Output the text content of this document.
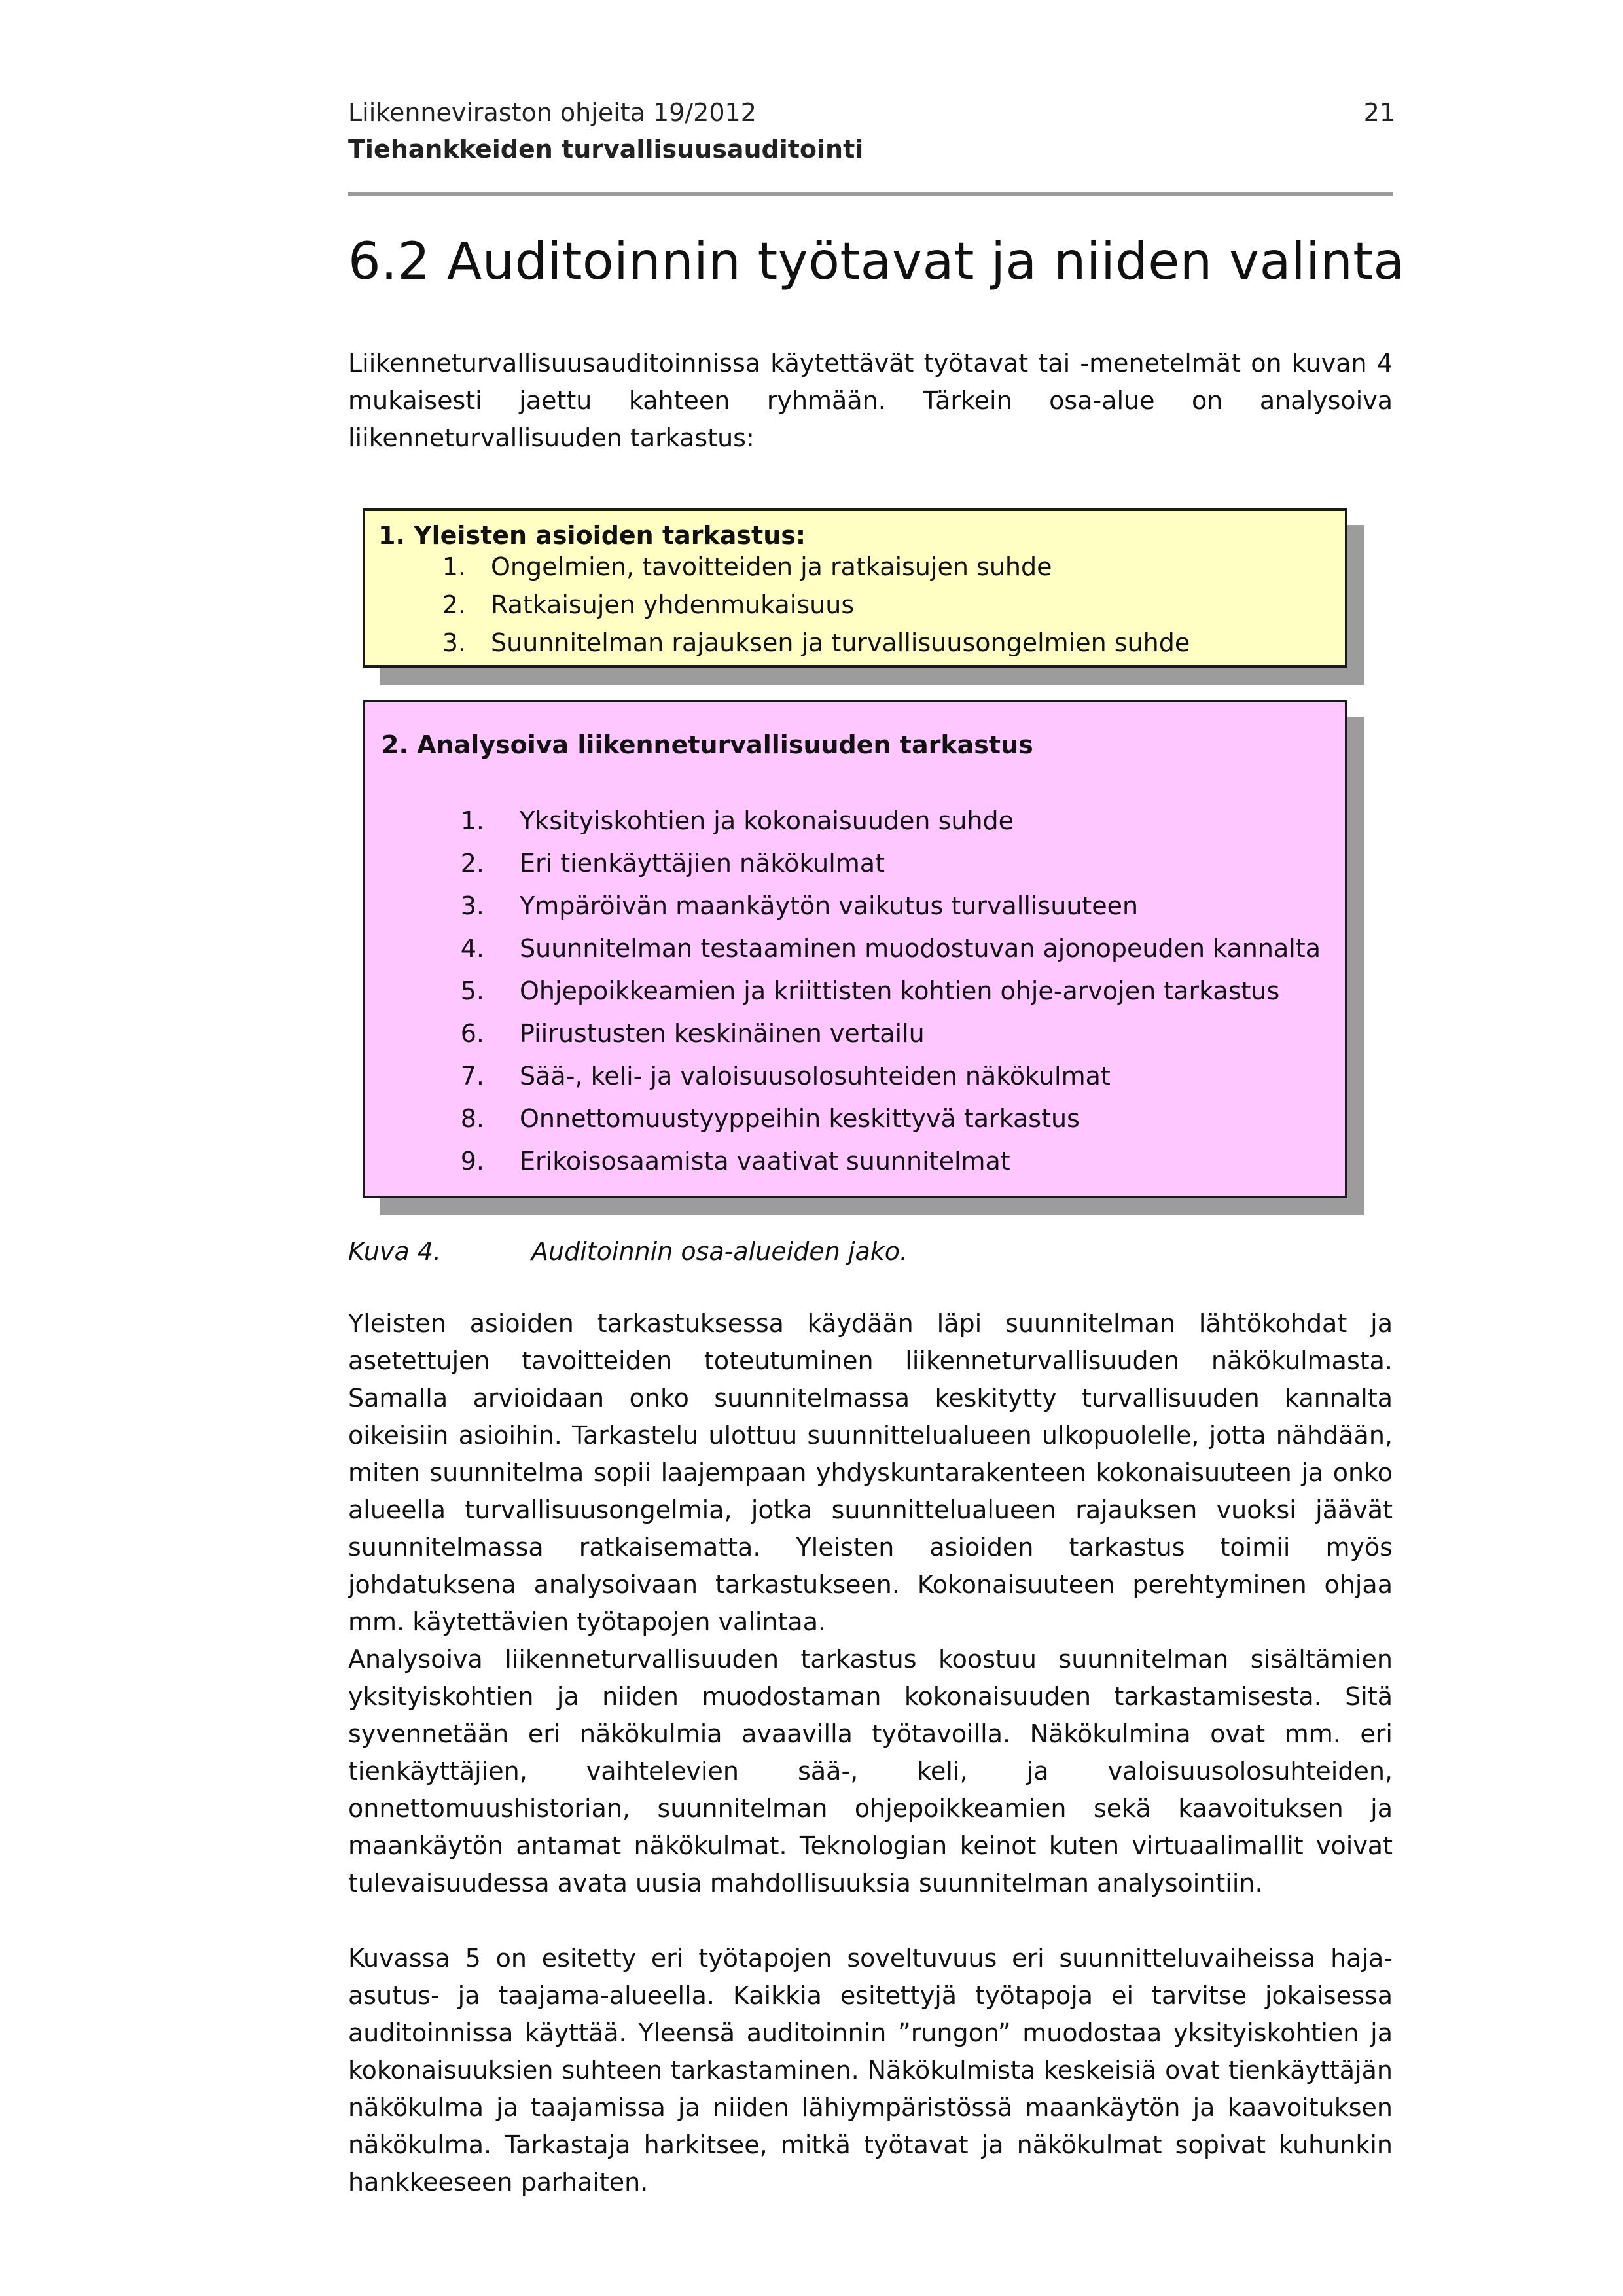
Liikenneviraston ohjeita 19/2012
Tiehankkeiden turvallisuusauditointi
21
6.2 Auditoinnin työtavat ja niiden valinta
Liikenneturvallisuusauditoinnissa käytettävät työtavat tai -menetelmät on kuvan 4 mukaisesti jaettu kahteen ryhmään. Tärkein osa-alue on analysoiva liikenneturvallisuuden tarkastus:
1. Yleisten asioiden tarkastus:
1. Ongelmien, tavoitteiden ja ratkaisujen suhde
2. Ratkaisujen yhdenmukaisuus
3. Suunnitelman rajauksen ja turvallisuusongelmien suhde
2. Analysoiva liikenneturvallisuuden tarkastus
1. Yksityiskohtien ja kokonaisuuden suhde
2. Eri tienkäyttäjien näkökulmat
3. Ympäröivän maankäytön vaikutus turvallisuuteen
4. Suunnitelman testaaminen muodostuvan ajonopeuden kannalta
5. Ohjepoikkeamien ja kriittisten kohtien ohje-arvojen tarkastus
6. Piirustusten keskinäinen vertailu
7. Sää-, keli- ja valoisuusolosuhteiden näkökulmat
8. Onnettomuustyyppeihin keskittyvä tarkastus
9. Erikoisosaamista vaativat suunnitelmat
Kuva 4.	Auditoinnin osa-alueiden jako.
Yleisten asioiden tarkastuksessa käydään läpi suunnitelman lähtökohdat ja asetettujen tavoitteiden toteutuminen liikenneturvallisuuden näkökulmasta. Samalla arvioidaan onko suunnitelmassa keskitytty turvallisuuden kannalta oikeisiin asioihin. Tarkastelu ulottuu suunnittelualueen ulkopuolelle, jotta nähdään, miten suunnitelma sopii laajempaan yhdyskuntarakenteen kokonaisuuteen ja onko alueella turvallisuusongelmia, jotka suunnittelualueen rajauksen vuoksi jäävät suunnitelmassa ratkaisematta. Yleisten asioiden tarkastus toimii myös johdatuksena analysoivaan tarkastukseen. Kokonaisuuteen perehtyminen ohjaa mm. käytettävien työtapojen valintaa.
Analysoiva liikenneturvallisuuden tarkastus koostuu suunnitelman sisältämien yksityiskohtien ja niiden muodostaman kokonaisuuden tarkastamisesta. Sitä syvennetään eri näkökulmia avaavilla työtavoilla. Näkökulmina ovat mm. eri tienkäyttäjien, vaihtelevien sää-, keli, ja valoisuusolosuhteiden, onnettomuushistorian, suunnitelman ohjepoikkeamien sekä kaavoituksen ja maankäytön antamat näkökulmat. Teknologian keinot kuten virtuaalimallit voivat tulevaisuudessa avata uusia mahdollisuuksia suunnitelman analysointiin.
Kuvassa 5 on esitetty eri työtapojen soveltuvuus eri suunnitteluvaiheissa haja-asutus- ja taajama-alueella. Kaikkia esitettyjä työtapoja ei tarvitse jokaisessa auditoinnissa käyttää. Yleensä auditoinnin ”rungon” muodostaa yksityiskohtien ja kokonaisuuksien suhteen tarkastaminen. Näkökulmista keskeisiä ovat tienkäyttäjän näkökulma ja taajamissa ja niiden lähiympäristössä maankäytön ja kaavoituksen näkökulma. Tarkastaja harkitsee, mitkä työtavat ja näkökulmat sopivat kuhunkin hankkeeseen parhaiten.
